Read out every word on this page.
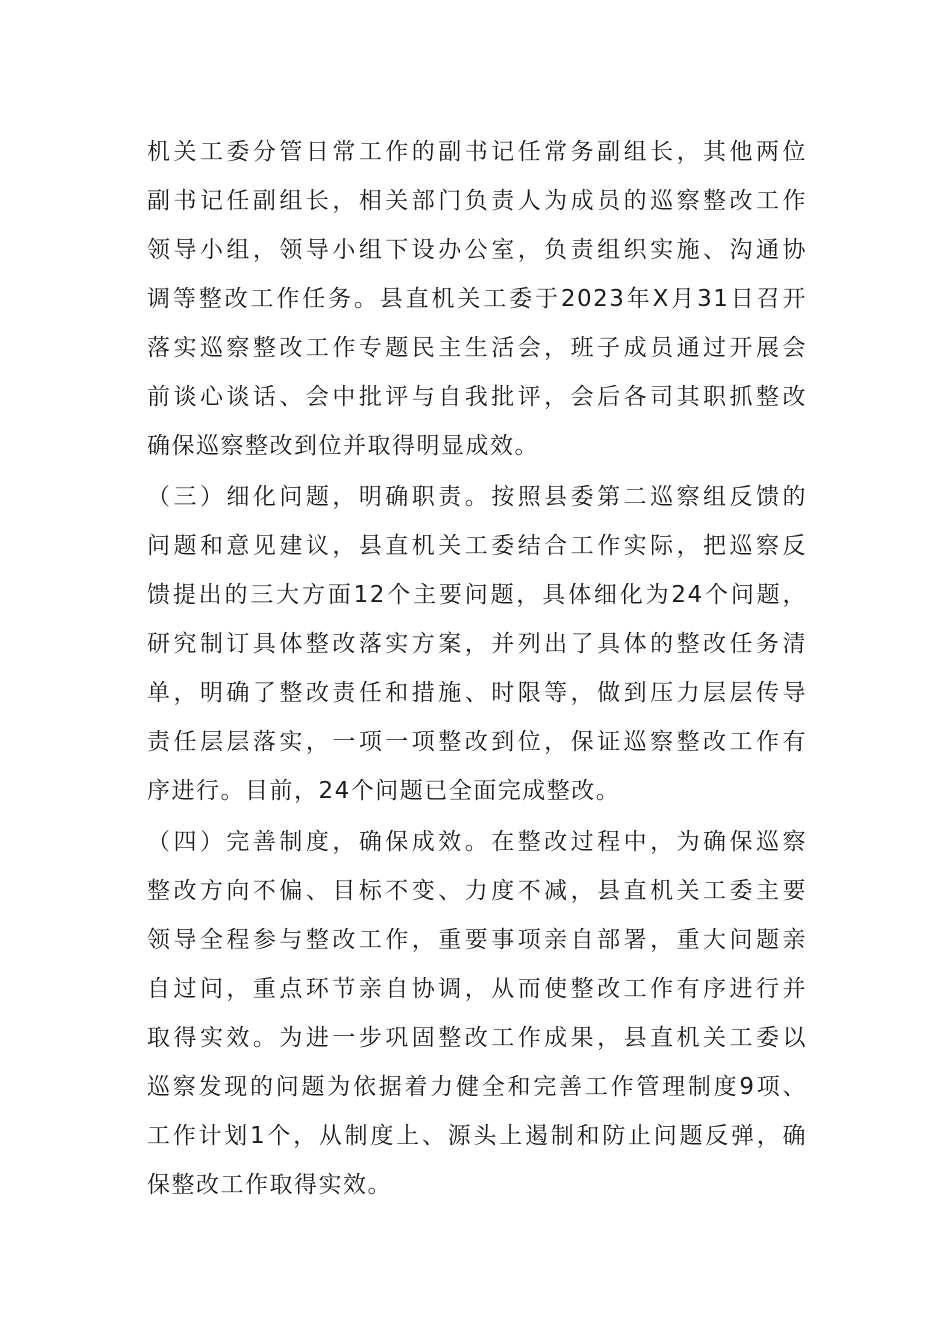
机关工委分管日常工作的副书记任常务副组长，其他两位
副书记任副组长，相关部门负责人为成员的巡察整改工作
领导小组，领导小组下设办公室，负责组织实施、沟通协
调等整改工作任务。县直机关工委于2023年X月31日召开
落实巡察整改工作专题民主生活会，班子成员通过开展会
前谈心谈话、会中批评与自我批评，会后各司其职抓整改
确保巡察整改到位并取得明显成效。
（三）细化问题，明确职责。按照县委第二巡察组反馈的
问题和意见建议，县直机关工委结合工作实际，把巡察反
馈提出的三大方面12个主要问题，具体细化为24个问题，
研究制订具体整改落实方案，并列出了具体的整改任务清
单，明确了整改责任和措施、时限等，做到压力层层传导
责任层层落实，一项一项整改到位，保证巡察整改工作有
序进行。目前，24个问题已全面完成整改。
（四）完善制度，确保成效。在整改过程中，为确保巡察
整改方向不偏、目标不变、力度不减，县直机关工委主要
领导全程参与整改工作，重要事项亲自部署，重大问题亲
自过问，重点环节亲自协调，从而使整改工作有序进行并
取得实效。为进一步巩固整改工作成果，县直机关工委以
巡察发现的问题为依据着力健全和完善工作管理制度9项、
工作计划1个，从制度上、源头上遏制和防止问题反弹，确
保整改工作取得实效。
